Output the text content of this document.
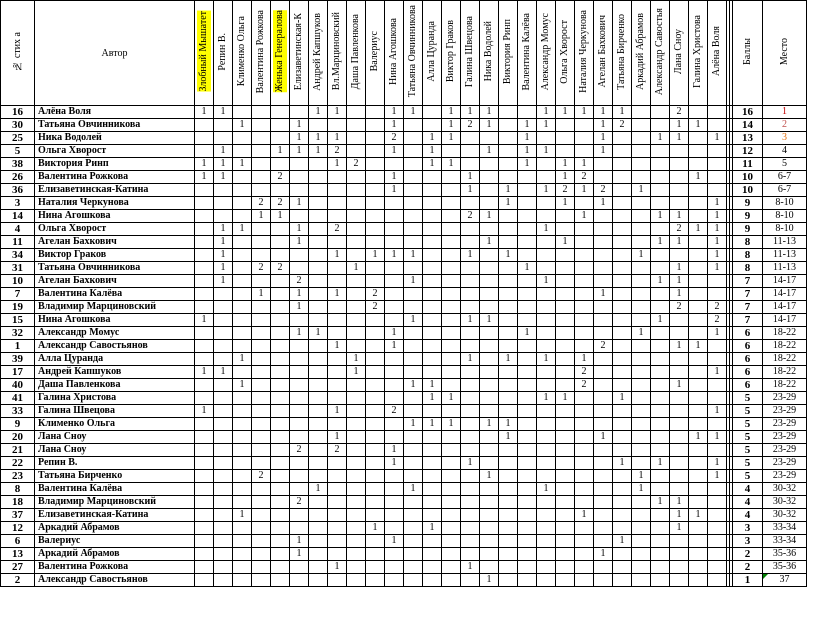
№ стих а	Автор	Злобный Мышатет	Репин В.	Клименко Ольга	Валентина Рожкова	Женька Генералова	Елизаветинская-К	Андрей Капшуков	Вл.Марциновский	Даша Павленкова	Валериус	Нина Агошкова	Татьяна Овчинникова	Алла Цуранда	Виктор Граков	Галина Швецова	Ника Водолей	Виктория Ринп	Валентина Калёва	Александр Момус	Ольга Хворост	Наталия Черкунова	Агелан Бахкович	Татьяна Бирченко	Аркадий Абрамов	Александр Савостья	Лана Сноу	Галина Христова	Алёна Воля			Баллы	Место
16	Алёна Воля	1	1					1	1			1	1		1	1	1			1	1	1	1	1			2					16	1
30	Татьяна Овчинникова			1			1					1			1	2	1		1	1			1	2			1	1				14	2
25	Ника Водолей						1	1	1			2		1	1				1				1			1	1		1			13	3
5	Ольга Хворост		1			1	1	1	2			1		1			1		1	1			1									12	4
38	Виктория Ринп	1	1	1					1	2				1	1				1		1	1										11	5
26	Валентина Рожкова	1	1			2						1				1					1	2						1				10	6-7
36	Елизаветинская-Катина											1				1		1		1	2	1	2		1							10	6-7
3	Наталия Черкунова				2	2	1											1			1		1						1			9	8-10
14	Нина Агошкова				1	1										2	1					1				1	1		1			9	8-10
4	Ольга Хворост		1	1			1		2											1							2	1	1			9	8-10
11	Агелан Бахкович		1				1										1				1					1	1		1			8	11-13
34	Виктор Граков		1						1		1	1	1			1		1							1				1			8	11-13
31	Татьяна Овчинникова		1		2	2				1									1								1		1			8	11-13
10	Агелан Бахкович		1				2						1							1						1	1					7	14-17
7	Валентина Калёва				1		1		1		2												1				1					7	14-17
19	Владимир Марциновский						1				2																2		2			7	14-17
15	Нина Агошкова	1											1			1	1									1			2			7	14-17
32	Александр Момус						1	1				1							1						1				1			6	18-22
1	Александр Савостьянов								1			1											2				1	1				6	18-22
39	Алла Цуранда			1						1						1		1		1		1										6	18-22
17	Андрей Капшуков	1	1							1												2							1			6	18-22
40	Даша Павленкова			1									1	1								2					1					6	18-22
41	Галина Христова													1	1					1	1			1								5	23-29
33	Галина Швецова	1							1			2																	1			5	23-29
9	Клименко Ольга												1	1	1		1	1														5	23-29
20	Лана Сноу								1									1					1					1	1			5	23-29
21	Лана Сноу						2		2			1																				5	23-29
22	Репин В.											1				1								1		1			1			5	23-29
23	Татьяна Бирченко				2												1								1				1			5	23-29
8	Валентина Калёва							1					1							1					1							4	30-32
18	Владимир Марциновский						2																			1	1					4	30-32
37	Елизаветинская-Катина			1																		1					1	1				4	30-32
12	Аркадий Абрамов										1			1													1					3	33-34
6	Валериус						1					1												1								3	33-34
13	Аркадий Абрамов						1																1									2	35-36
27	Валентина Рожкова								1							1																2	35-36
2	Александр Савостьянов																1															1	37
